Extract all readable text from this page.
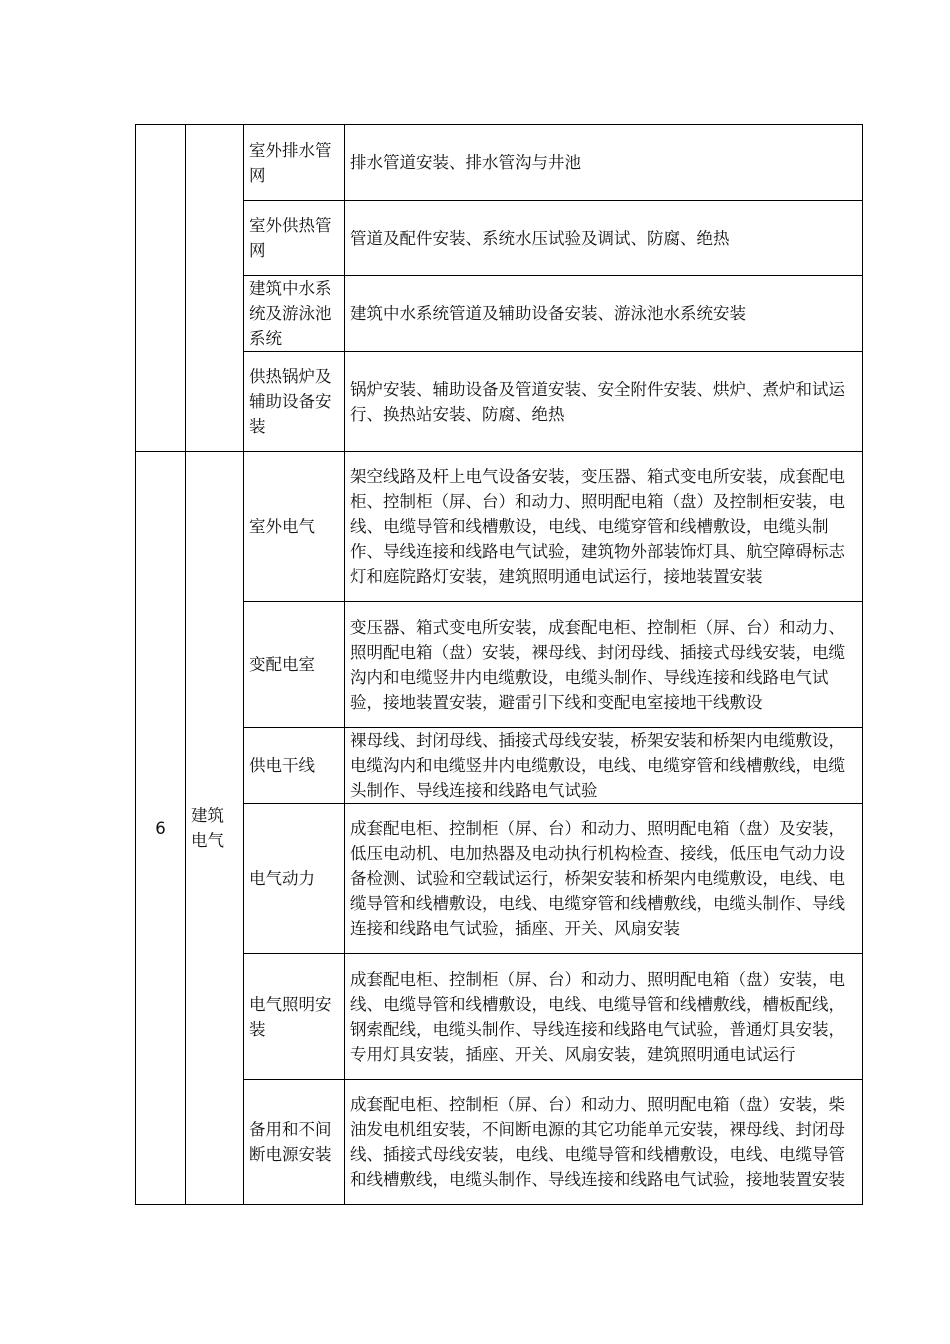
		室外排水管网	排水管道安装、排水管沟与井池
		室外供热管网	管道及配件安装、系统水压试验及调试、防腐、绝热
		建筑中水系统及游泳池系统	建筑中水系统管道及辅助设备安装、游泳池水系统安装
		供热锅炉及辅助设备安装	锅炉安装、辅助设备及管道安装、安全附件安装、烘炉、煮炉和试运行、换热站安装、防腐、绝热
6	建筑电气	室外电气	架空线路及杆上电气设备安装，变压器、箱式变电所安装，成套配电柜、控制柜（屏、台）和动力、照明配电箱（盘）及控制柜安装，电线、电缆导管和线槽敷设，电线、电缆穿管和线槽敷设，电缆头制作、导线连接和线路电气试验，建筑物外部装饰灯具、航空障碍标志灯和庭院路灯安装，建筑照明通电试运行，接地装置安装
		变配电室	变压器、箱式变电所安装，成套配电柜、控制柜（屏、台）和动力、照明配电箱（盘）安装，裸母线、封闭母线、插接式母线安装，电缆沟内和电缆竖井内电缆敷设，电缆头制作、导线连接和线路电气试验，接地装置安装，避雷引下线和变配电室接地干线敷设
		供电干线	裸母线、封闭母线、插接式母线安装，桥架安装和桥架内电缆敷设，电缆沟内和电缆竖井内电缆敷设，电线、电缆穿管和线槽敷线，电缆头制作、导线连接和线路电气试验
		电气动力	成套配电柜、控制柜（屏、台）和动力、照明配电箱（盘）及安装，低压电动机、电加热器及电动执行机构检查、接线，低压电气动力设备检测、试验和空载试运行，桥架安装和桥架内电缆敷设，电线、电缆导管和线槽敷设，电线、电缆穿管和线槽敷线，电缆头制作、导线连接和线路电气试验，插座、开关、风扇安装
		电气照明安装	成套配电柜、控制柜（屏、台）和动力、照明配电箱（盘）安装，电线、电缆导管和线槽敷设，电线、电缆导管和线槽敷线，槽板配线，钢索配线，电缆头制作、导线连接和线路电气试验，普通灯具安装，专用灯具安装，插座、开关、风扇安装，建筑照明通电试运行
		备用和不间断电源安装	成套配电柜、控制柜（屏、台）和动力、照明配电箱（盘）安装，柴油发电机组安装，不间断电源的其它功能单元安装，裸母线、封闭母线、插接式母线安装，电线、电缆导管和线槽敷设，电线、电缆导管和线槽敷线，电缆头制作、导线连接和线路电气试验，接地装置安装
